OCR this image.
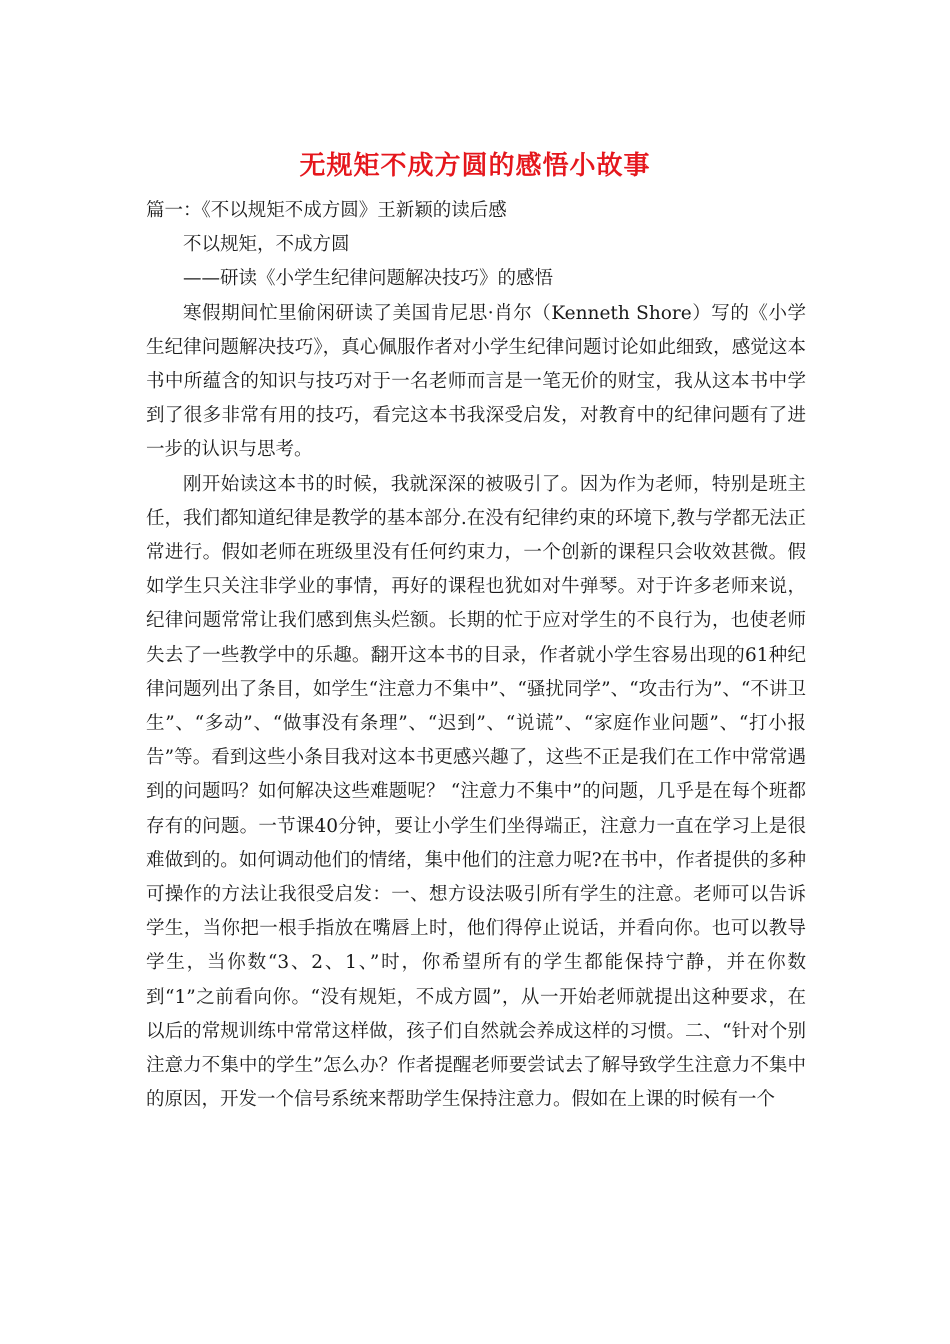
无规矩不成方圆的感悟小故事

篇一：《不以规矩不成方圆》王新颖的读后感

不以规矩，不成方圆

——研读《小学生纪律问题解决技巧》的感悟

寒假期间忙里偷闲研读了美国肯尼思·肖尔（Kenneth Shore）写的《小学生纪律问题解决技巧》，真心佩服作者对小学生纪律问题讨论如此细致，感觉这本书中所蕴含的知识与技巧对于一名老师而言是一笔无价的财宝，我从这本书中学到了很多非常有用的技巧，看完这本书我深受启发，对教育中的纪律问题有了进一步的认识与思考。

刚开始读这本书的时候，我就深深的被吸引了。因为作为老师，特别是班主任，我们都知道纪律是教学的基本部分.在没有纪律约束的环境下,教与学都无法正常进行。假如老师在班级里没有任何约束力，一个创新的课程只会收效甚微。假如学生只关注非学业的事情，再好的课程也犹如对牛弹琴。对于许多老师来说，纪律问题常常让我们感到焦头烂额。长期的忙于应对学生的不良行为，也使老师失去了一些教学中的乐趣。翻开这本书的目录，作者就小学生容易出现的61种纪律问题列出了条目，如学生“注意力不集中”、“骚扰同学”、“攻击行为”、“不讲卫生”、“多动”、“做事没有条理”、“迟到”、“说谎”、“家庭作业问题”、“打小报告”等。看到这些小条目我对这本书更感兴趣了，这些不正是我们在工作中常常遇到的问题吗？如何解决这些难题呢？ “注意力不集中”的问题，几乎是在每个班都存有的问题。一节课40分钟，要让小学生们坐得端正，注意力一直在学习上是很难做到的。如何调动他们的情绪，集中他们的注意力呢?在书中，作者提供的多种可操作的方法让我很受启发：一、想方设法吸引所有学生的注意。老师可以告诉学生，当你把一根手指放在嘴唇上时，他们得停止说话，并看向你。也可以教导学生，当你数“3、2、1、”时，你希望所有的学生都能保持宁静，并在你数到“1”之前看向你。“没有规矩，不成方圆”，从一开始老师就提出这种要求，在以后的常规训练中常常这样做，孩子们自然就会养成这样的习惯。二、“针对个别注意力不集中的学生”怎么办？作者提醒老师要尝试去了解导致学生注意力不集中的原因，开发一个信号系统来帮助学生保持注意力。假如在上课的时候有一个
